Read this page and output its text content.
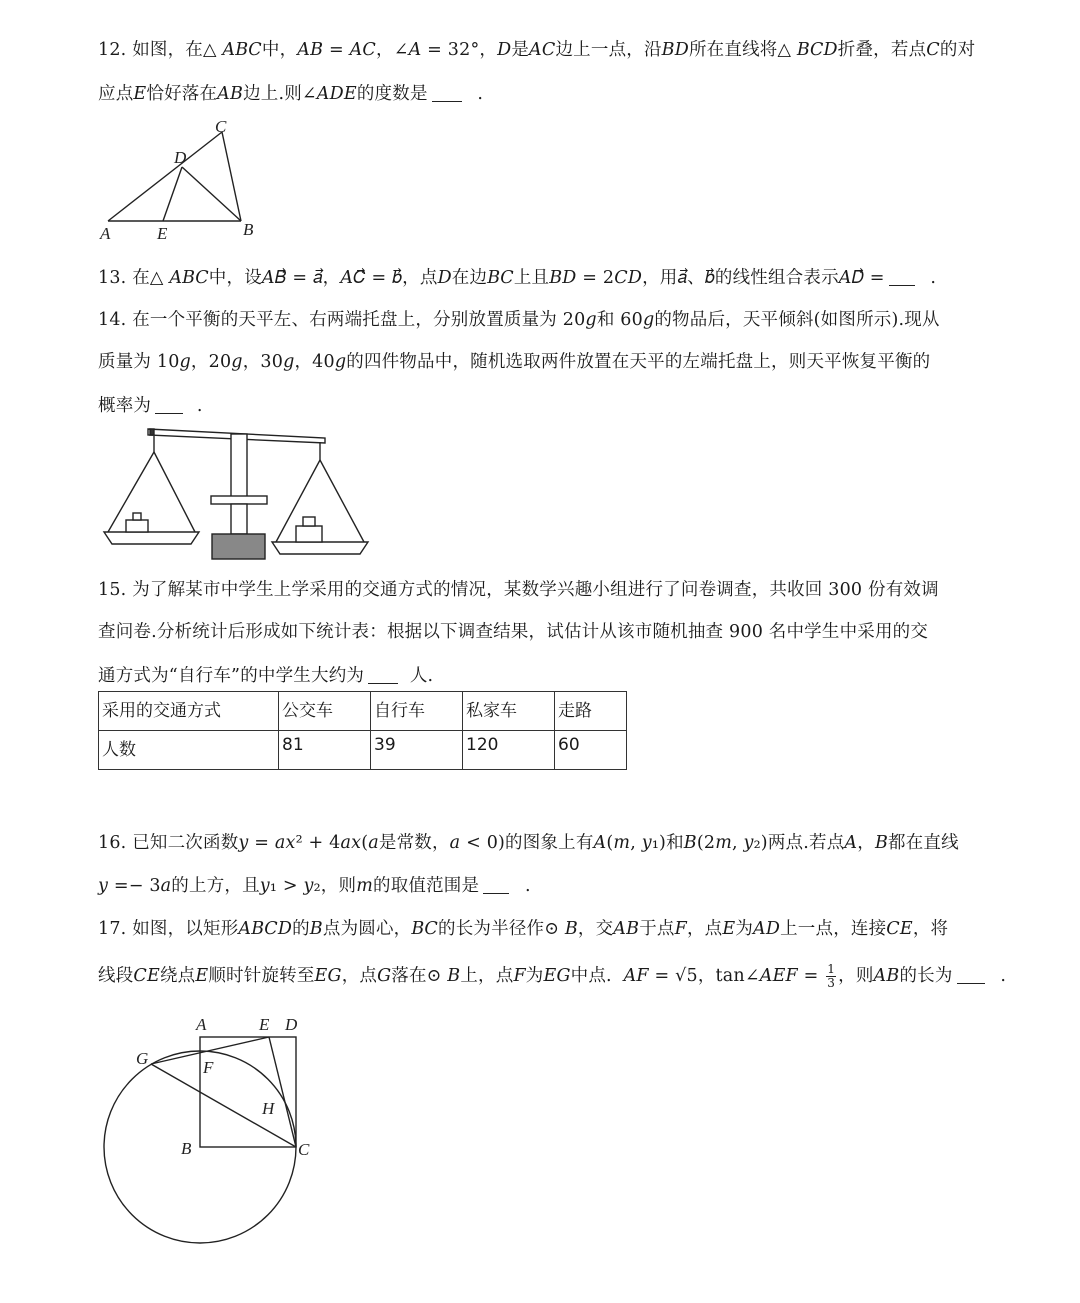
12. 如图，在△ 𝐴𝐵𝐶中，𝐴𝐵 = 𝐴𝐶，∠𝐴 = 32°，𝐷是𝐴𝐶边上一点，沿𝐵𝐷所在直线将△ 𝐵𝐶𝐷折叠，若点𝐶的对
应点𝐸恰好落在𝐴𝐵边上.则∠𝐴𝐷𝐸的度数是	.
A	E	B
C
D
13. 在△ 𝐴𝐵𝐶中，设𝐴𝐵⃗ = 𝑎⃗，𝐴𝐶⃗ = 𝑏⃗，点𝐷在边𝐵𝐶上且𝐵𝐷 = 2𝐶𝐷，用𝑎⃗、𝑏⃗的线性组合表示𝐴𝐷⃗ =	.
14. 在一个平衡的天平左、右两端托盘上，分别放置质量为 20𝑔和 60𝑔的物品后，天平倾斜(如图所示).现从
质量为 10𝑔，20𝑔，30𝑔，40𝑔的四件物品中，随机选取两件放置在天平的左端托盘上，则天平恢复平衡的
概率为	.
15. 为了解某市中学生上学采用的交通方式的情况，某数学兴趣小组进行了问卷调查，共收回 300 份有效调
查问卷.分析统计后形成如下统计表：根据以下调查结果，试估计从该市随机抽查 900 名中学生中采用的交
通方式为“自行车”的中学生大约为	人.
采用的交通方式	公交车	自行车	私家车	走路
人数	81	39	120	60
16. 已知二次函数𝑦 = 𝑎𝑥² + 4𝑎𝑥(𝑎是常数，𝑎 < 0)的图象上有𝐴(𝑚, 𝑦₁)和𝐵(2𝑚, 𝑦₂)两点.若点𝐴，𝐵都在直线
𝑦 =− 3𝑎的上方，且𝑦₁ > 𝑦₂，则𝑚的取值范围是	.
17. 如图，以矩形𝐴𝐵𝐶𝐷的𝐵点为圆心，𝐵𝐶的长为半径作⊙ 𝐵，交𝐴𝐵于点𝐹，点𝐸为𝐴𝐷上一点，连接𝐶𝐸，将
线段𝐶𝐸绕点𝐸顺时针旋转至𝐸𝐺，点𝐺落在⊙ 𝐵上，点𝐹为𝐸𝐺中点. 𝐴𝐹 = √5，tan∠𝐴𝐸𝐹 = $\frac{1}{3}$ ，则𝐴𝐵的长为	.
A	E D
G	F
H
B	C
